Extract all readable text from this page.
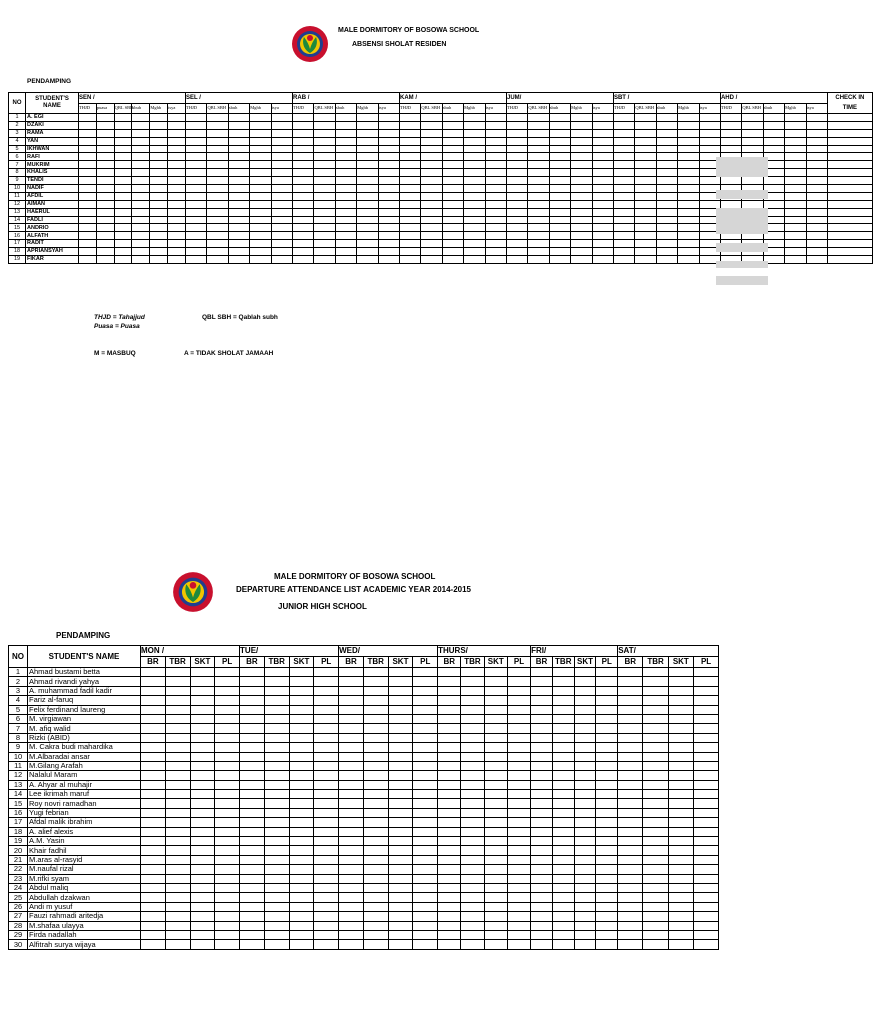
MALE DORMITORY OF BOSOWA SCHOOL
ABSENSI SHOLAT RESIDEN
PENDAMPING
NO	STUDENT'S NAME	SEN /						SEL /					RAB /					KAM /					JUM/					SBT /					AHD /					CHECK IN TIME
		THJD	puasa	QBL SBH	sbuh	Mghb	isya	THJD	QBL SBH	sbuh	Mghb	isya	THJD	QBL SBH	sbuh	Mghb	isya	THJD	QBL SBH	sbuh	Mghb	isya	THJD	QBL SBH	sbuh	Mghb	isya	THJD	QBL SBH	sbuh	Mghb	isya	THJD	QBL SBH	sbuh	Mghb	isya	
1	A. EGI																																					
2	DZAKI																																					
3	RAMA																																					
4	YAN																																					
5	IKHWAN																																					
6	RAFI																																					
7	MUKRIM																																					
8	KHALIS																																					
9	TENDI																																					
10	NADIF																																					
11	AFDIL																																					
12	AIMAN																																					
13	HAERUL																																					
14	FADLI																																					
15	ANDRIO																																					
16	ALFATH																																					
17	RADIT																																					
18	APRIANSYAH																																					
19	FIKAR																																					
THJD = Tahajjud
Puasa = Puasa
QBL SBH = Qablah subh
M = MASBUQ	A = TIDAK SHOLAT JAMAAH
MALE DORMITORY OF BOSOWA SCHOOL
DEPARTURE ATTENDANCE LIST ACADEMIC YEAR 2014-2015
JUNIOR HIGH SCHOOL
PENDAMPING
NO	STUDENT'S NAME	MON /				TUE/				WED/				THURS/				FRI/				SAT/			
		BR	TBR	SKT	PL	BR	TBR	SKT	PL	BR	TBR	SKT	PL	BR	TBR	SKT	PL	BR	TBR	SKT	PL	BR	TBR	SKT	PL
1	Ahmad bustami betta																								
2	Ahmad rivandi yahya																								
3	A. muhammad fadil kadir																								
4	Fariz al-faruq																								
5	Felix ferdinand laureng																								
6	M. virgiawan																								
7	M. afiq walid																								
8	Rizki (ABID)																								
9	M. Cakra budi mahardika																								
10	M.Albaradai ansar																								
11	M.Gilang Arafah																								
12	Nalalul Maram																								
13	A. Ahyar al muhajir																								
14	Lee ikrimah maruf																								
15	Roy novri ramadhan																								
16	Yugi febrian																								
17	Afdal malik ibrahim																								
18	A. alief alexis																								
19	A.M. Yasin																								
20	Khair fadhil																								
21	M.aras al-rasyid																								
22	M.naufal rizal																								
23	M.rifki syam																								
24	Abdul maliq																								
25	Abdullah dzakwan																								
26	Andi m yusuf																								
27	Fauzi rahmadi aritedja																								
28	M.shafaa ulayya																								
29	Firda nadallah																								
30	Alfitrah surya wijaya																								
